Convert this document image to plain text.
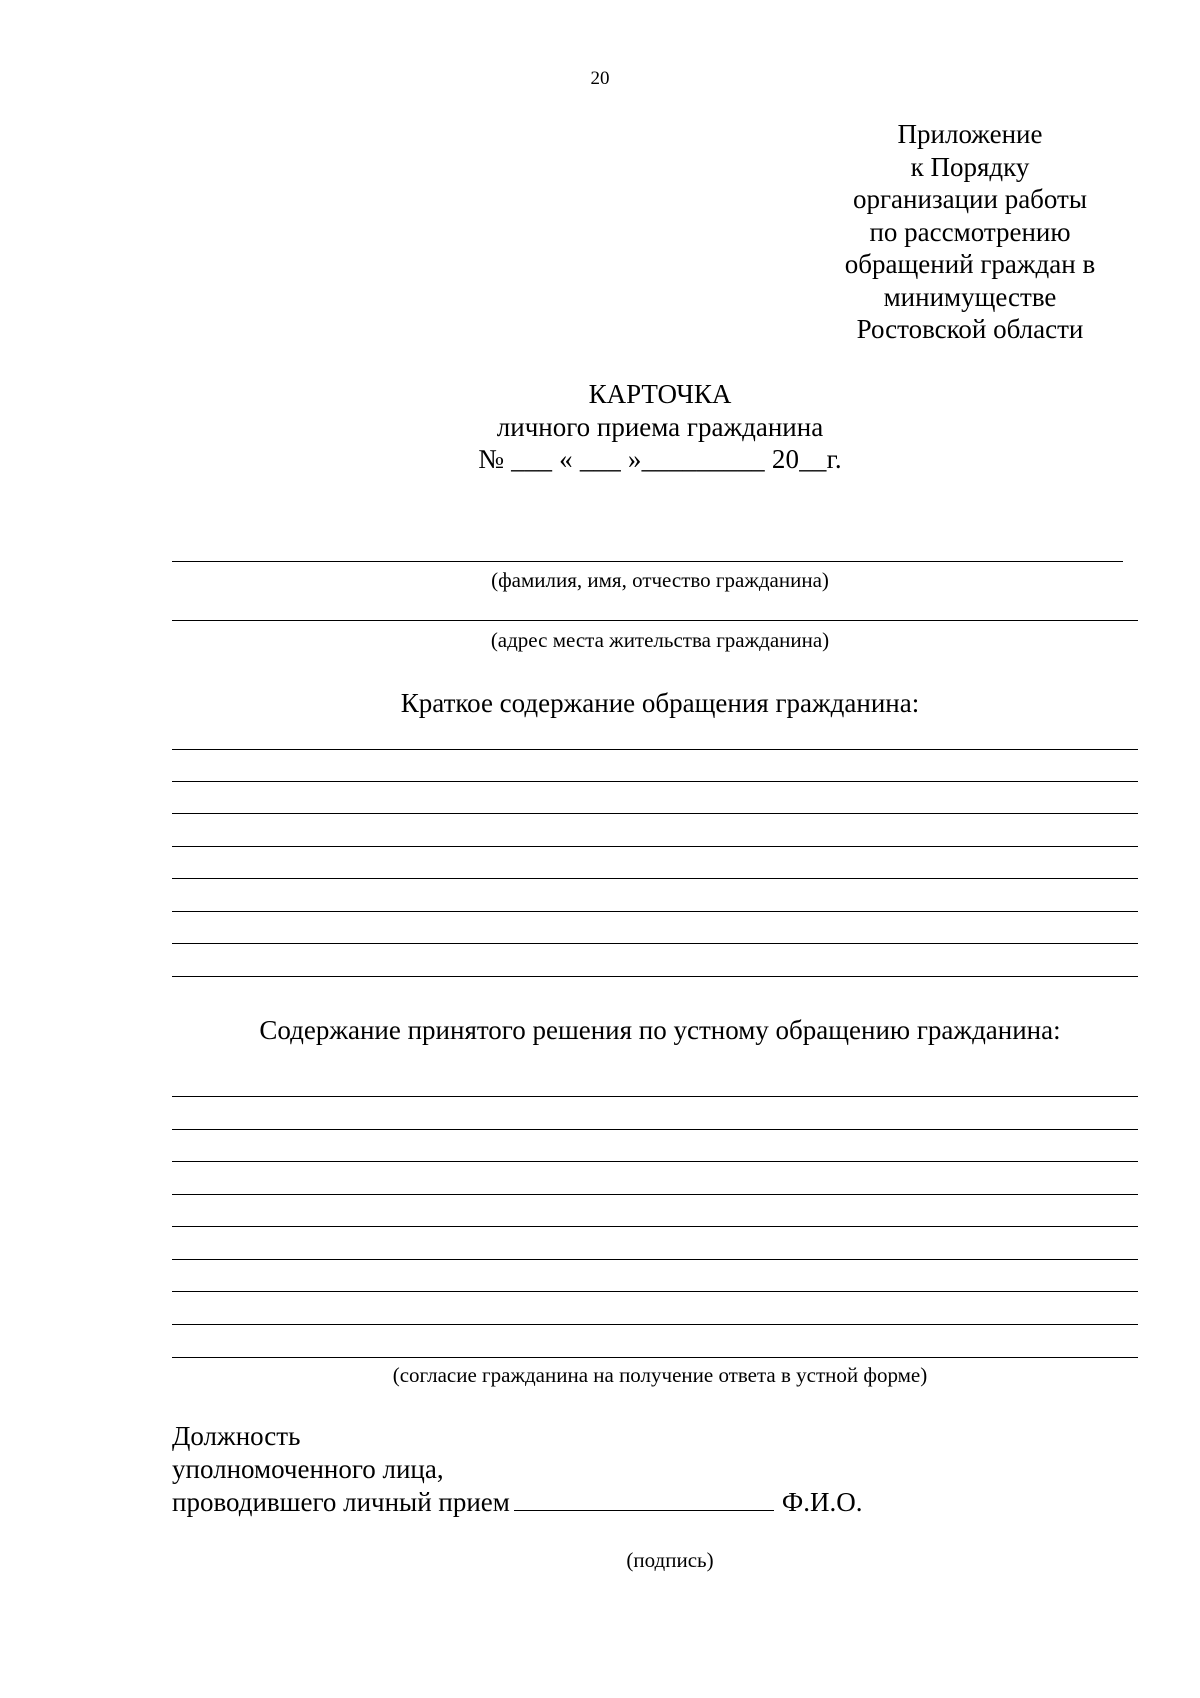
20
Приложение
к Порядку
организации работы
по рассмотрению
обращений граждан в
минимуществе
Ростовской области
КАРТОЧКА
личного приема гражданина
№ ___ « ___ »_________ 20__г.
(фамилия, имя, отчество гражданина)
(адрес места жительства гражданина)
Краткое содержание обращения гражданина:
Содержание принятого решения по устному обращению гражданина:
(согласие гражданина на получение ответа в устной форме)
Должность
уполномоченного лица,
проводившего личный прием	Ф.И.О.
(подпись)
